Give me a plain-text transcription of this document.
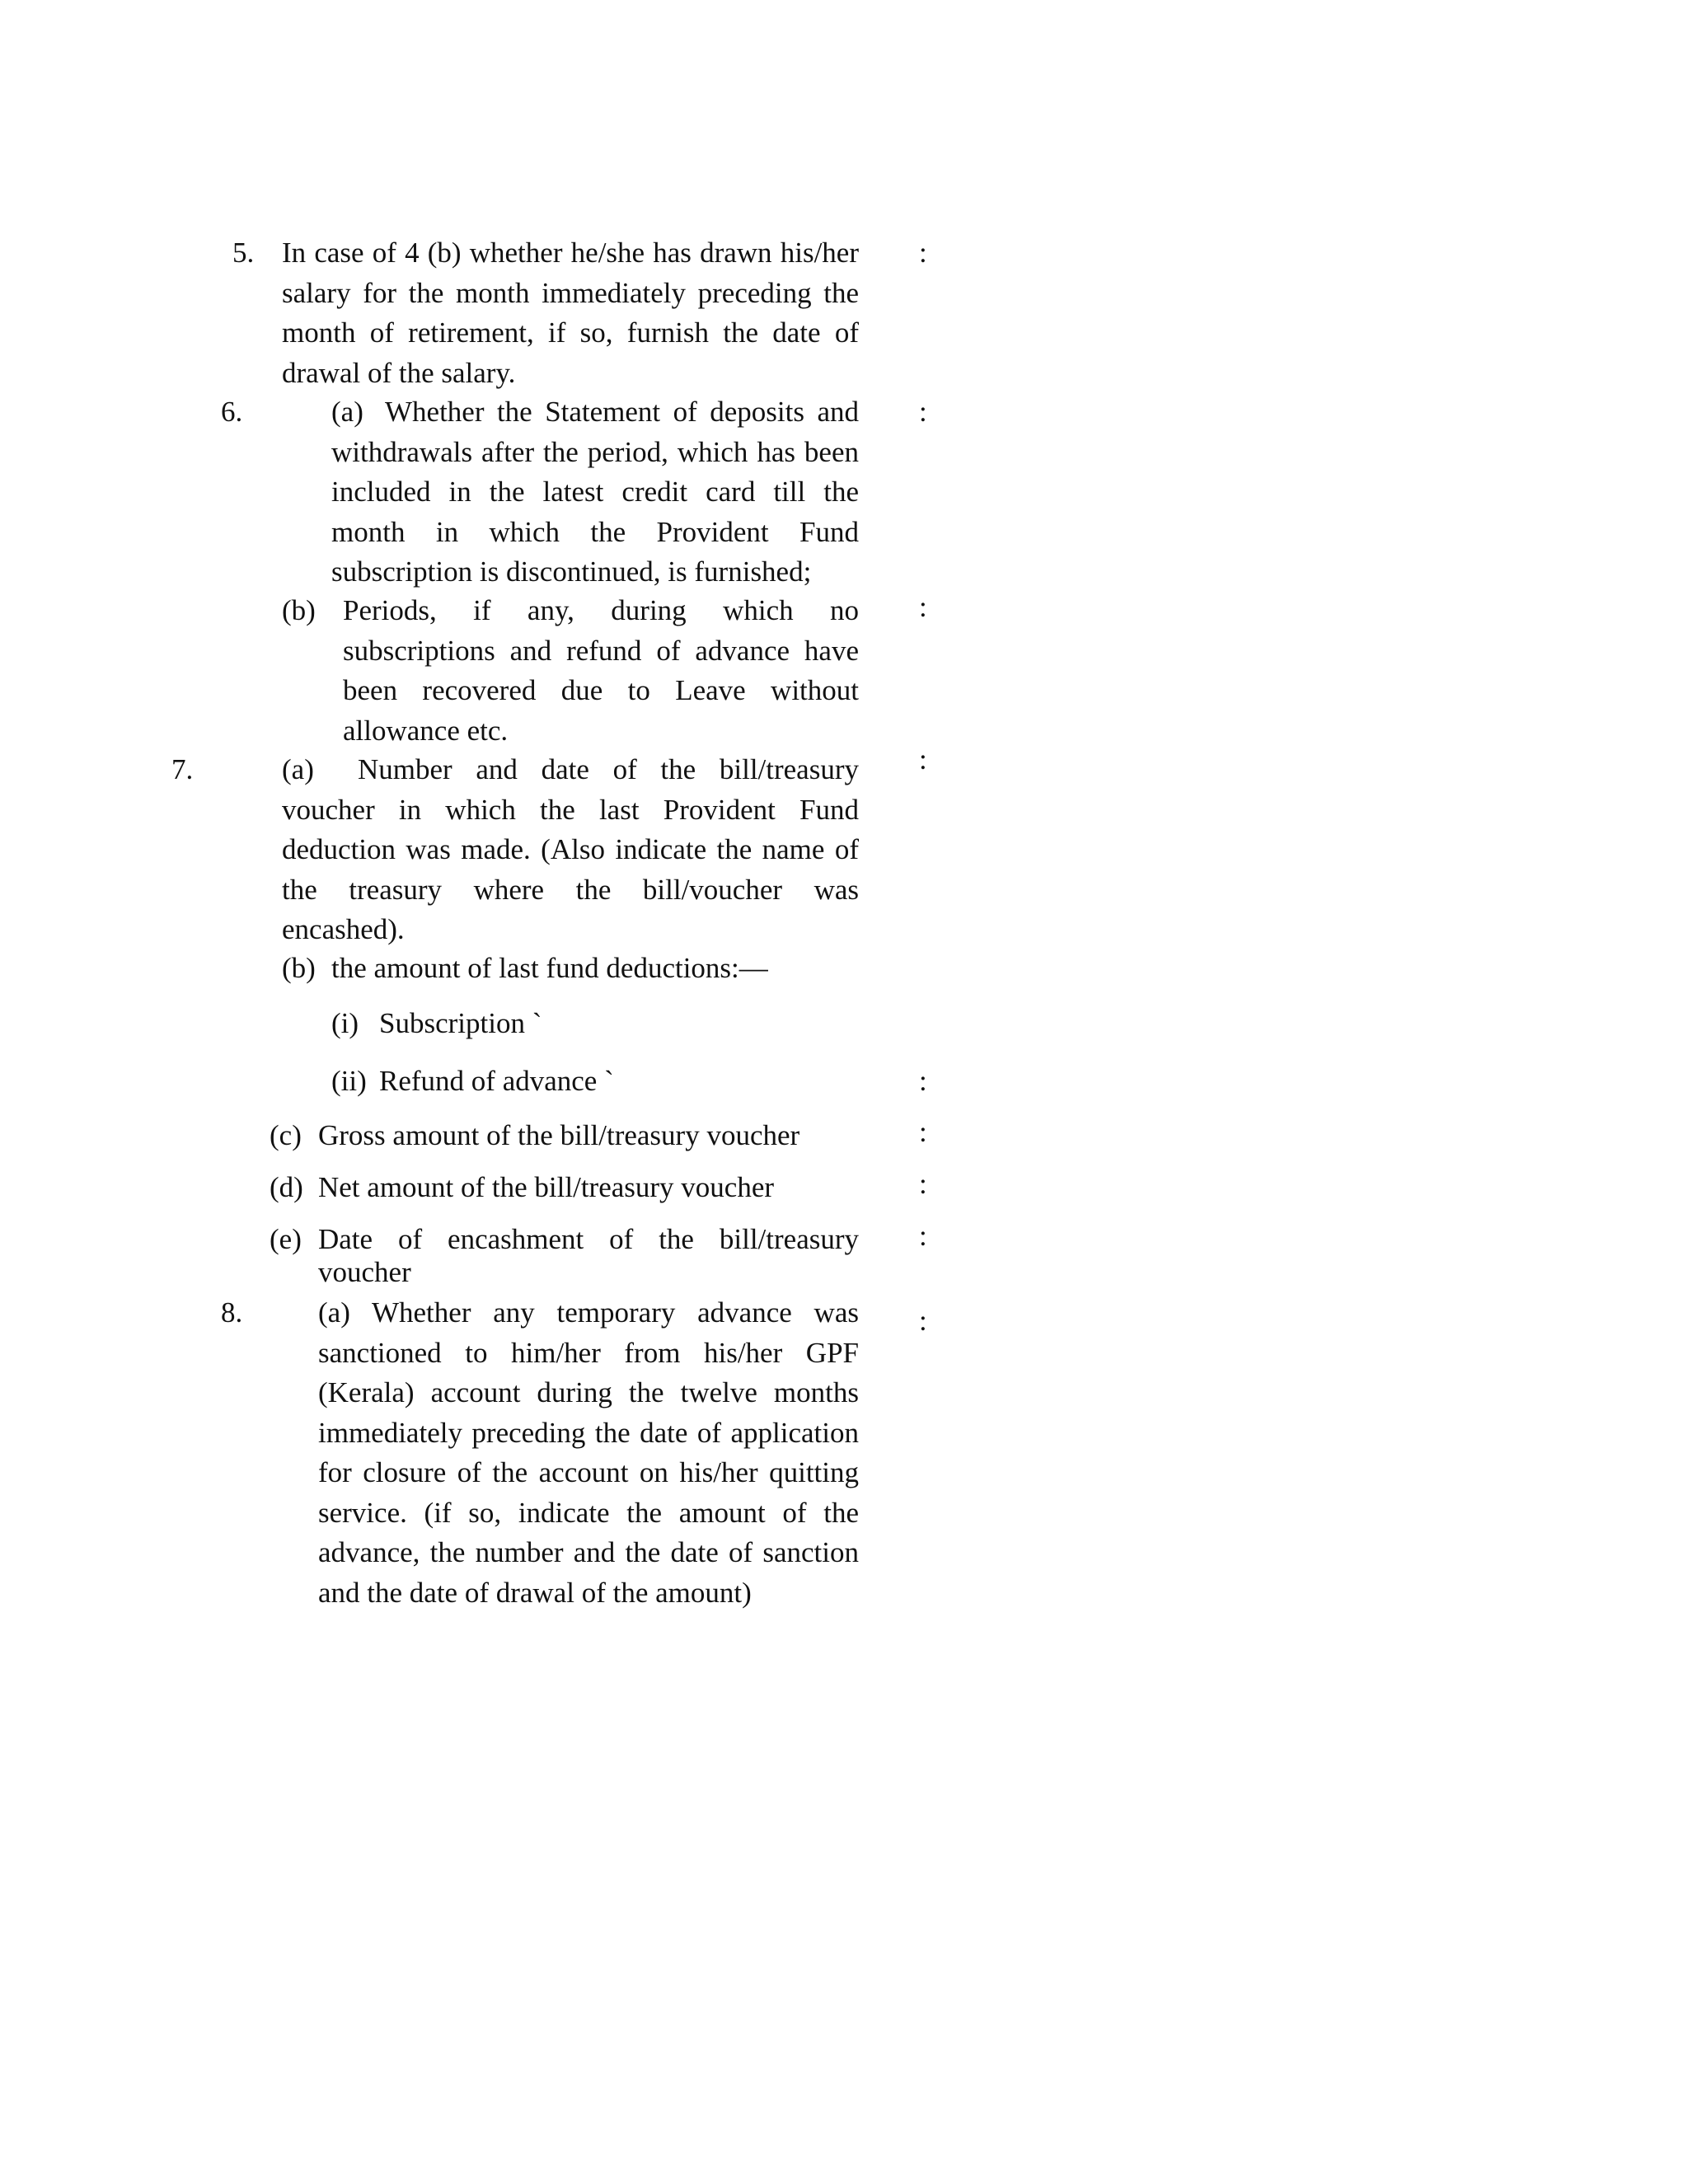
5. In case of 4 (b) whether he/she has drawn his/her salary for the month immediately preceding the month of retirement, if so, furnish the date of drawal of the salary.
:
6.	(a) Whether the Statement of deposits and withdrawals after the period, which has been included in the latest credit card till the month in which the Provident Fund subscription is discontinued, is furnished;
:
(b) Periods, if any, during which no subscriptions and refund of advance have been recovered due to Leave without allowance etc.
:
7.	(a)	Number and date of the bill/treasury voucher in which the last Provident Fund deduction was made. (Also indicate the name of the treasury where the bill/voucher was encashed).
:
(b) the amount of last fund deductions:—
(i) Subscription `
(ii) Refund of advance `	:
(c) Gross amount of the bill/treasury voucher	:
(d) Net amount of the bill/treasury voucher	:
(e) Date of encashment of the bill/treasury voucher
:
8.	(a) Whether any temporary advance was sanctioned to him/her from his/her GPF (Kerala) account during the twelve months immediately preceding the date of application for closure of the account on his/her quitting service. (if so, indicate the amount of the advance, the number and the date of sanction and the date of drawal of the amount)
:
